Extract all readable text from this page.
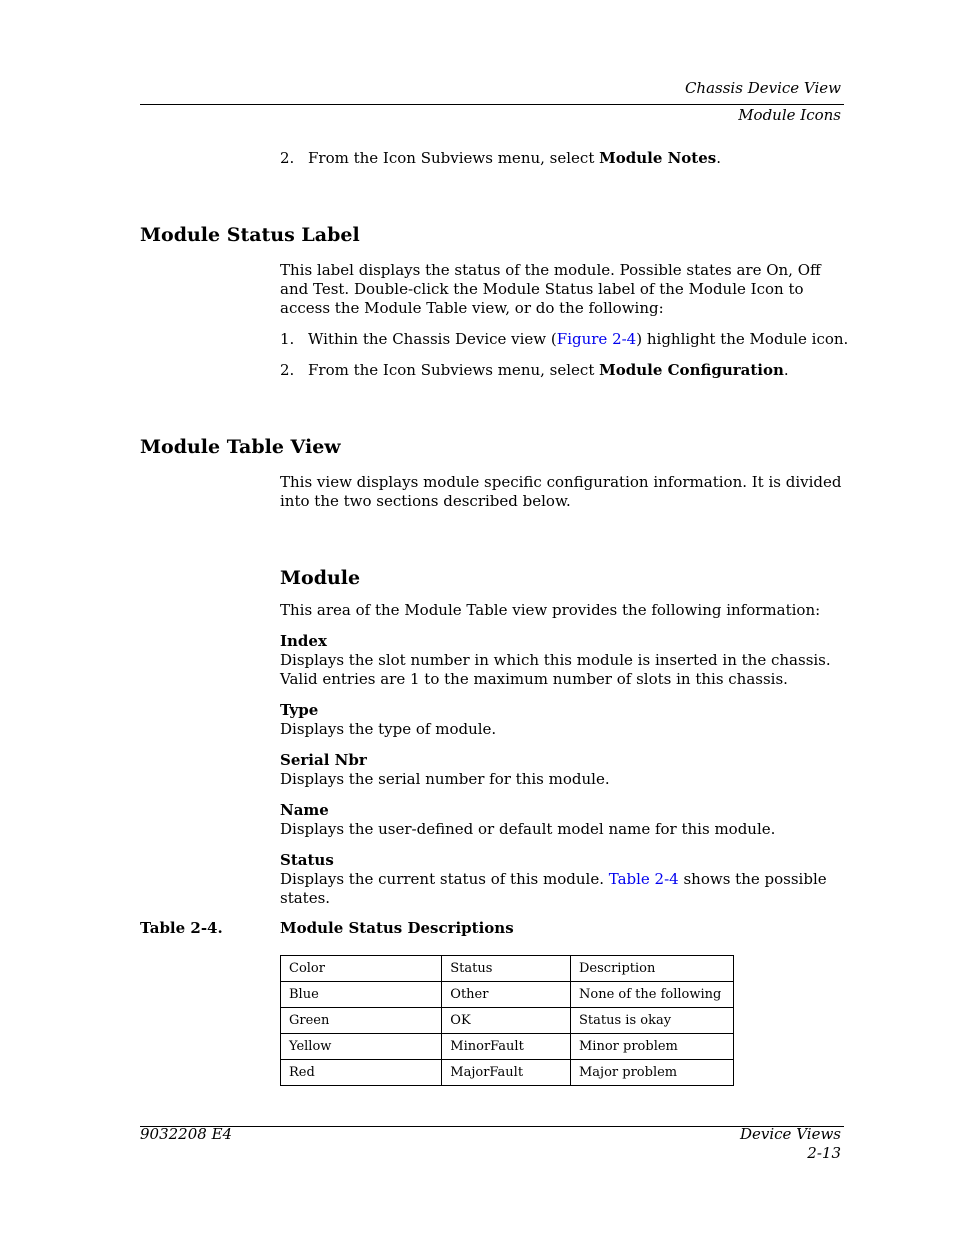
Chassis Device View
Module Icons
2. From the Icon Subviews menu, select Module Notes.
Module Status Label
This label displays the status of the module. Possible states are On, Off and Test. Double-click the Module Status label of the Module Icon to access the Module Table view, or do the following:
1. Within the Chassis Device view (Figure 2-4) highlight the Module icon.
2. From the Icon Subviews menu, select Module Configuration.
Module Table View
This view displays module specific configuration information. It is divided into the two sections described below.
Module
This area of the Module Table view provides the following information:
Index
Displays the slot number in which this module is inserted in the chassis. Valid entries are 1 to the maximum number of slots in this chassis.
Type
Displays the type of module.
Serial Nbr
Displays the serial number for this module.
Name
Displays the user-defined or default model name for this module.
Status
Displays the current status of this module. Table 2-4 shows the possible states.
Table 2-4.	Module Status Descriptions
Color	Status	Description
Blue	Other	None of the following
Green	OK	Status is okay
Yellow	MinorFault	Minor problem
Red	MajorFault	Major problem
9032208 E4	Device Views
2-13
